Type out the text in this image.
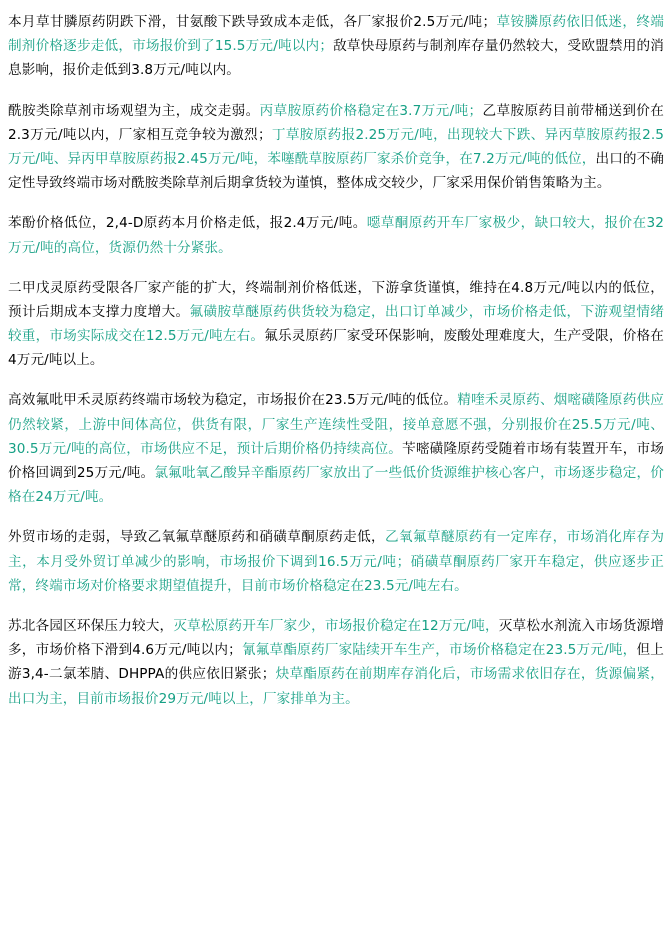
本月草甘膦原药阴跌下滑，甘氨酸下跌导致成本走低，各厂家报价2.5万元/吨；草铵膦原药依旧低迷，终端制剂价格逐步走低，市场报价到了15.5万元/吨以内；敌草快母原药与制剂库存量仍然较大，受欧盟禁用的消息影响，报价走低到3.8万元/吨以内。

酰胺类除草剂市场观望为主，成交走弱。丙草胺原药价格稳定在3.7万元/吨；乙草胺原药目前带桶送到价在2.3万元/吨以内，厂家相互竞争较为激烈；丁草胺原药报2.25万元/吨，出现较大下跌、异丙草胺原药报2.5万元/吨、异丙甲草胺原药报2.45万元/吨，苯噻酰草胺原药厂家杀价竞争，在7.2万元/吨的低位，出口的不确定性导致终端市场对酰胺类除草剂后期拿货较为谨慎，整体成交较少，厂家采用保价销售策略为主。

苯酚价格低位，2,4-D原药本月价格走低，报2.4万元/吨。噁草酮原药开车厂家极少，缺口较大，报价在32万元/吨的高位，货源仍然十分紧张。

二甲戊灵原药受限各厂家产能的扩大，终端制剂价格低迷，下游拿货谨慎，维持在4.8万元/吨以内的低位，预计后期成本支撑力度增大。氟磺胺草醚原药供货较为稳定，出口订单减少，市场价格走低，下游观望情绪较重，市场实际成交在12.5万元/吨左右。氟乐灵原药厂家受环保影响，废酸处理难度大，生产受限，价格在4万元/吨以上。

高效氟吡甲禾灵原药终端市场较为稳定，市场报价在23.5万元/吨的低位。精喹禾灵原药、烟嘧磺隆原药供应仍然较紧，上游中间体高位，供货有限，厂家生产连续性受阻，接单意愿不强，分别报价在25.5万元/吨、30.5万元/吨的高位，市场供应不足，预计后期价格仍持续高位。苄嘧磺隆原药受随着市场有装置开车，市场价格回调到25万元/吨。氯氟吡氧乙酸异辛酯原药厂家放出了一些低价货源维护核心客户，市场逐步稳定，价格在24万元/吨。

外贸市场的走弱，导致乙氧氟草醚原药和硝磺草酮原药走低，乙氧氟草醚原药有一定库存，市场消化库存为主，本月受外贸订单减少的影响，市场报价下调到16.5万元/吨；硝磺草酮原药厂家开车稳定，供应逐步正常，终端市场对价格要求期望值提升，目前市场价格稳定在23.5元/吨左右。

苏北各园区环保压力较大，灭草松原药开车厂家少，市场报价稳定在12万元/吨，灭草松水剂流入市场货源增多，市场价格下滑到4.6万元/吨以内；氰氟草酯原药厂家陆续开车生产，市场价格稳定在23.5万元/吨，但上游3,4-二氯苯腈、DHPPA的供应依旧紧张；炔草酯原药在前期库存消化后，市场需求依旧存在，货源偏紧，出口为主，目前市场报价29万元/吨以上，厂家排单为主。
